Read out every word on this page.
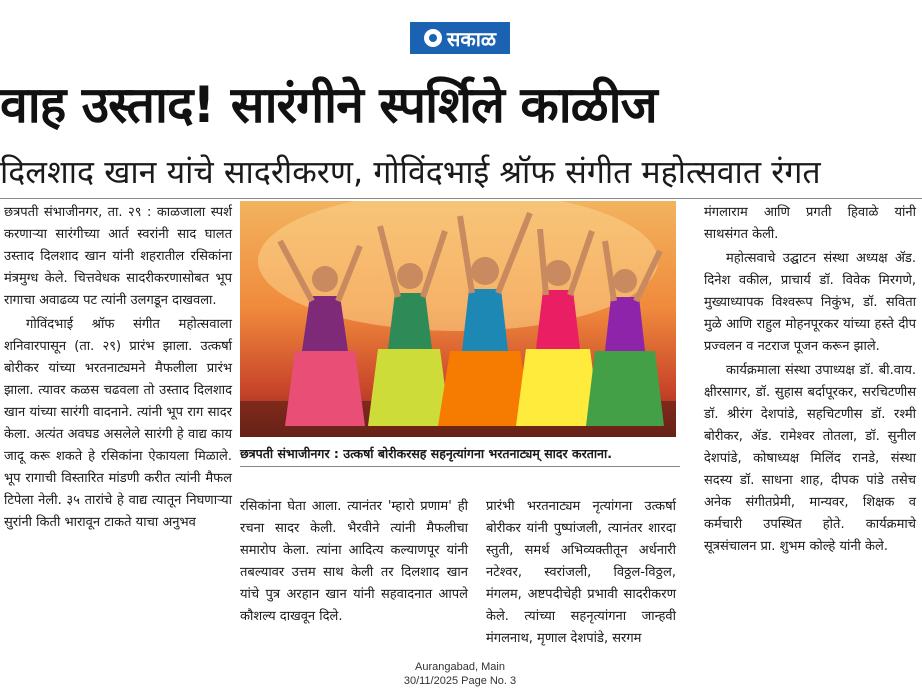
सकाळ
वाह उस्ताद! सारंगीने स्पर्शिले काळीज
दिलशाद खान यांचे सादरीकरण, गोविंदभाई श्रॉफ संगीत महोत्सवात रंगत

छत्रपती संभाजीनगर, ता. २९ : काळजाला स्पर्श करणाऱ्या सारंगीच्या आर्त स्वरांनी साद घालत उस्ताद दिलशाद खान यांनी शहरातील रसिकांना मंत्रमुग्ध केले. चित्तवेधक सादरीकरणासोबत भूप रागाचा अवाढव्य पट त्यांनी उलगडून दाखवला.

गोविंदभाई श्रॉफ संगीत महोत्सवाला शनिवारपासून (ता. २९) प्रारंभ झाला. उत्कर्षा बोरीकर यांच्या भरतनाट्यमने मैफलीला प्रारंभ झाला. त्यावर कळस चढवला तो उस्ताद दिलशाद खान यांच्या सारंगी वादनाने. त्यांनी भूप राग सादर केला. अत्यंत अवघड असलेले सारंगी हे वाद्य काय जादू करू शकते हे रसिकांना ऐकायला मिळाले. भूप रागाची विस्तारित मांडणी करीत त्यांनी मैफल टिपेला नेली. ३५ तारांचे हे वाद्य त्यातून निघणाऱ्या सुरांनी किती भारावून टाकते याचा अनुभव

छत्रपती संभाजीनगर : उत्कर्षा बोरीकरसह सहनृत्यांगना भरतनाट्यम् सादर करताना.

रसिकांना घेता आला. त्यानंतर 'म्हारो प्रणाम' ही रचना सादर केली. भैरवीने त्यांनी मैफलीचा समारोप केला. त्यांना आदित्य कल्याणपूर यांनी तबल्यावर उत्तम साथ केली तर दिलशाद खान यांचे पुत्र अरहान खान यांनी सहवादनात आपले कौशल्य दाखवून दिले.

प्रारंभी भरतनाट्यम नृत्यांगना उत्कर्षा बोरीकर यांनी पुष्पांजली, त्यानंतर शारदा स्तुती, समर्थ अभिव्यक्तीतून अर्धनारी नटेश्वर, स्वरांजली, विठ्ठल-विठ्ठल, मंगलम, अष्टपदीचेही प्रभावी सादरीकरण केले. त्यांच्या सहनृत्यांगना जान्हवी मंगलनाथ, मृणाल देशपांडे, सरगम

मंगलाराम आणि प्रगती हिवाळे यांनी साथसंगत केली.

महोत्सवाचे उद्घाटन संस्था अध्यक्ष ॲड. दिनेश वकील, प्राचार्य डॉ. विवेक मिरगणे, मुख्याध्यापक विश्वरूप निकुंभ, डॉ. सविता मुळे आणि राहुल मोहनपूरकर यांच्या हस्ते दीप प्रज्वलन व नटराज पूजन करून झाले.

कार्यक्रमाला संस्था उपाध्यक्ष डॉ. बी.वाय. क्षीरसागर, डॉ. सुहास बर्दापूरकर, सरचिटणीस डॉ. श्रीरंग देशपांडे, सहचिटणीस डॉ. रश्मी बोरीकर, ॲड. रामेश्वर तोतला, डॉ. सुनील देशपांडे, कोषाध्यक्ष मिलिंद रानडे, संस्था सदस्य डॉ. साधना शाह, दीपक पांडे तसेच अनेक संगीतप्रेमी, मान्यवर, शिक्षक व कर्मचारी उपस्थित होते. कार्यक्रमाचे सूत्रसंचालन प्रा. शुभम कोल्हे यांनी केले.

Aurangabad, Main
30/11/2025 Page No. 3
